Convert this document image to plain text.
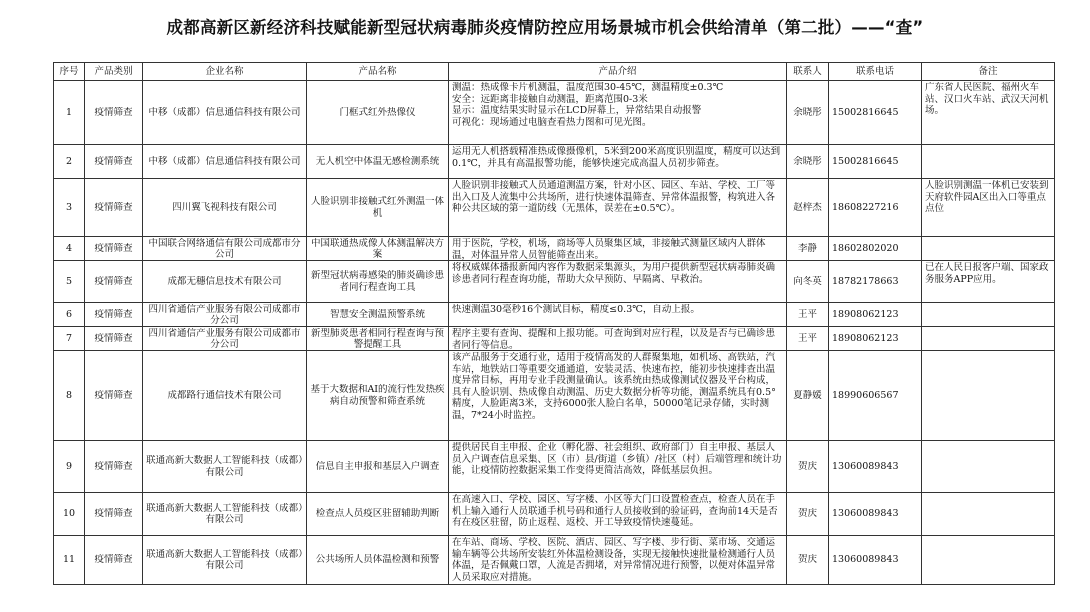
成都高新区新经济科技赋能新型冠状病毒肺炎疫情防控应用场景城市机会供给清单（第二批）——“查”
序号	产品类别	企业名称	产品名称	产品介绍	联系人	联系电话	备注

1	疫情筛查	中移（成都）信息通信科技有限公司	门框式红外热像仪	测温：热成像卡片机测温，温度范围30-45℃，测温精度±0.3℃
安全：远距离非接触自动测温，距离范围0-3米
显示：温度结果实时显示在LCD屏幕上，异常结果自动报警
可视化：现场通过电脑查看热力图和可见光图。	余晓彤	15002816645	广东省人民医院、福州火车站、汉口火车站、武汉天河机场。

2	疫情筛查	中移（成都）信息通信科技有限公司	无人机空中体温无感检测系统	运用无人机搭载精准热成像摄像机，5米到200米高度识别温度，精度可以达到0.1℃，并具有高温报警功能，能够快速完成高温人员初步筛查。	余晓彤	15002816645	

3	疫情筛查	四川翼飞视科技有限公司	人脸识别非接触式红外测温一体机	人脸识别非接触式人员通道测温方案，针对小区、园区、车站、学校、工厂等出入口及人流集中公共场所，进行快速体温筛查、异常体温报警，构筑进入各种公共区域的第一道防线（无黑体，误差在±0.5℃）。	赵梓杰	18608227216	人脸识别测温一体机已安装到天府软件园A区出入口等重点点位

4	疫情筛查	中国联合网络通信有限公司成都市分公司	中国联通热成像人体测温解决方案	用于医院，学校，机场，商场等人员聚集区域，非接触式测量区域内人群体温，对体温异常人员智能筛查出来。	李静	18602802020	

5	疫情筛查	成都无穗信息技术有限公司	新型冠状病毒感染的肺炎确诊患者同行程查询工具	将权威媒体播报新闻内容作为数据采集源头，为用户提供新型冠状病毒肺炎确诊患者同行程查询功能，帮助大众早预防、早隔离、早救治。	向冬英	18782178663	已在人民日报客户端、国家政务服务APP应用。

6	疫情筛查	四川省通信产业服务有限公司成都市分公司	智慧安全测温预警系统	快速测温30毫秒16个测试目标，精度≤0.3℃，自动上报。	王平	18908062123	

7	疫情筛查	四川省通信产业服务有限公司成都市分公司	新型肺炎患者相同行程查询与预警提醒工具	程序主要有查询、提醒和上报功能。可查询到对应行程，以及是否与已确诊患者同行等信息。	王平	18908062123	

8	疫情筛查	成都路行通信技术有限公司	基于大数据和AI的流行性发热疾病自动预警和筛查系统	该产品服务于交通行业，适用于疫情高发的人群聚集地，如机场、高铁站，汽车站，地铁站口等重要交通通道，安装灵活、快速布控，能初步快速排查出温度异常目标，再用专业手段测量确认。该系统由热成像测试仪器及平台构成，具有人脸识别、热成像自动测温、历史大数据分析等功能，测温系统具有0.5°精度，人脸距离3米，支持6000张人脸白名单，50000笔记录存储，实时测温，7*24小时监控。	夏静媛	18990606567	

9	疫情筛查	联通高新大数据人工智能科技（成都）有限公司	信息自主申报和基层入户调查	提供居民自主申报、企业（孵化器、社会组织、政府部门）自主申报、基层人员入户调查信息采集、区（市）县/街道（乡镇）/社区（村）后端管理和统计功能，让疫情防控数据采集工作变得更简洁高效，降低基层负担。	贺庆	13060089843	

10	疫情筛查	联通高新大数据人工智能科技（成都）有限公司	检查点人员疫区驻留辅助判断	在高速入口、学校、园区、写字楼、小区等大门口设置检查点，检查人员在手机上输入通行人员联通手机号码和通行人员接收到的验证码，查询前14天是否有在疫区驻留，防止返程、返校、开工导致疫情快速蔓延。	贺庆	13060089843	

11	疫情筛查	联通高新大数据人工智能科技（成都）有限公司	公共场所人员体温检测和预警	在车站、商场、学校、医院、酒店、园区、写字楼、步行街、菜市场、交通运输车辆等公共场所安装红外体温检测设备，实现无接触快速批量检测通行人员体温，是否佩戴口罩，人流是否拥堵，对异常情况进行预警，以便对体温异常人员采取应对措施。	贺庆	13060089843	
